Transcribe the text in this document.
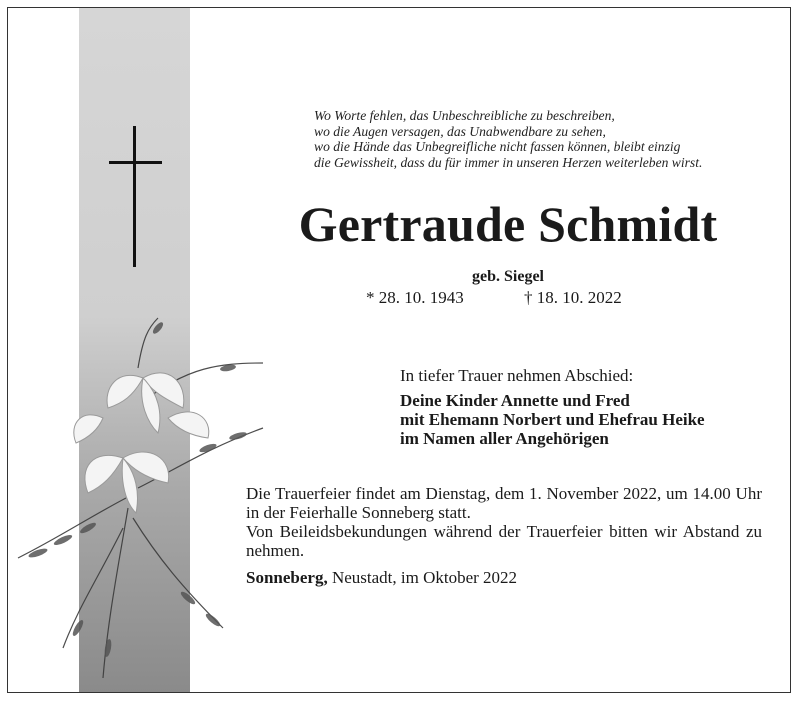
Wo Worte fehlen, das Unbeschreibliche zu beschreiben,
wo die Augen versagen, das Unabwendbare zu sehen,
wo die Hände das Unbegreifliche nicht fassen können, bleibt einzig
die Gewissheit, dass du für immer in unseren Herzen weiterleben wirst.
Gertraude Schmidt
geb. Siegel
* 28. 10. 1943	† 18. 10. 2022
In tiefer Trauer nehmen Abschied:
Deine Kinder Annette und Fred
mit Ehemann Norbert und Ehefrau Heike
im Namen aller Angehörigen

Die Trauerfeier findet am Dienstag, dem 1. November 2022, um 14.00 Uhr in der Feierhalle Sonneberg statt.

Von Beileidsbekundungen während der Trauerfeier bitten wir Abstand zu nehmen.

Sonneberg, Neustadt, im Oktober 2022
